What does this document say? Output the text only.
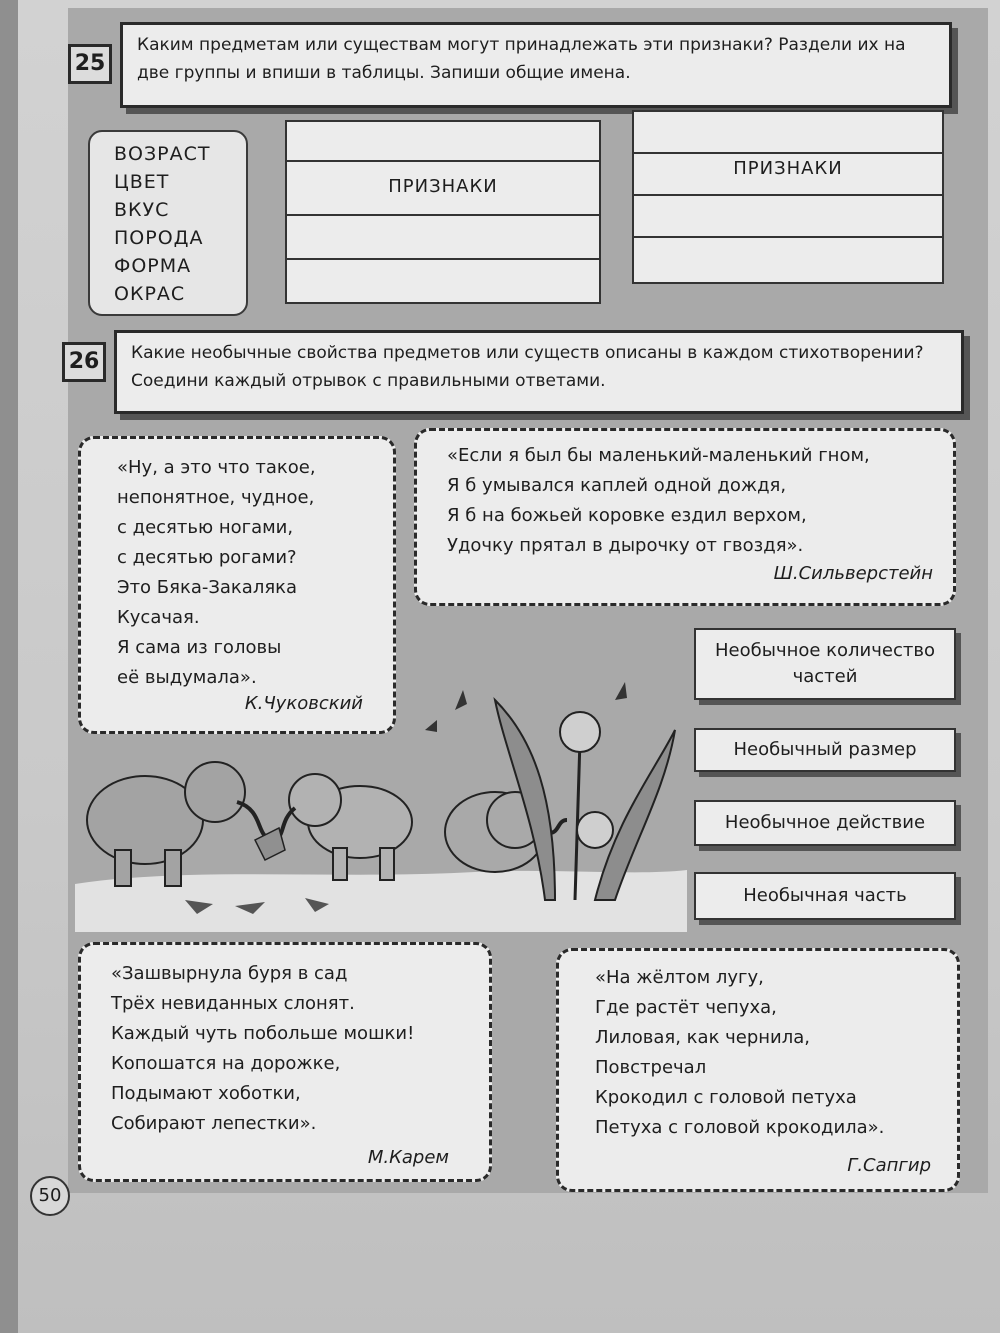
25
Каким предметам или существам могут принадлежать эти признаки? Раздели их на две группы и впиши в таблицы. Запиши общие имена.
ВОЗРАСТ
ЦВЕТ
ВКУС
ПОРОДА
ФОРМА
ОКРАС
ПРИЗНАКИ
ПРИЗНАКИ
26	Какие необычные свойства предметов или существ описаны в каждом стихотворении? Соедини каждый отрывок с правильными ответами.
«Ну, а это что такое,
непонятное, чудное,
с десятью ногами,
с десятью рогами?
Это Бяка-Закаляка
Кусачая.
Я сама из головы
её выдумала».
К.Чуковский
«Если я был бы маленький-маленький гном,
Я б умывался каплей одной дождя,
Я б на божьей коровке ездил верхом,
Удочку прятал в дырочку от гвоздя».
Ш.Сильверстейн
Необычное количество частей
Необычный размер
Необычное действие
Необычная часть
«Зашвырнула буря в сад
Трёх невиданных слонят.
Каждый чуть побольше мошки!
Копошатся на дорожке,
Подымают хоботки,
Собирают лепестки».
М.Карем
«На жёлтом лугу,
Где растёт чепуха,
Лиловая, как чернила,
Повстречал
Крокодил с головой петуха
Петуха с головой крокодила».
Г.Сапгир
50
